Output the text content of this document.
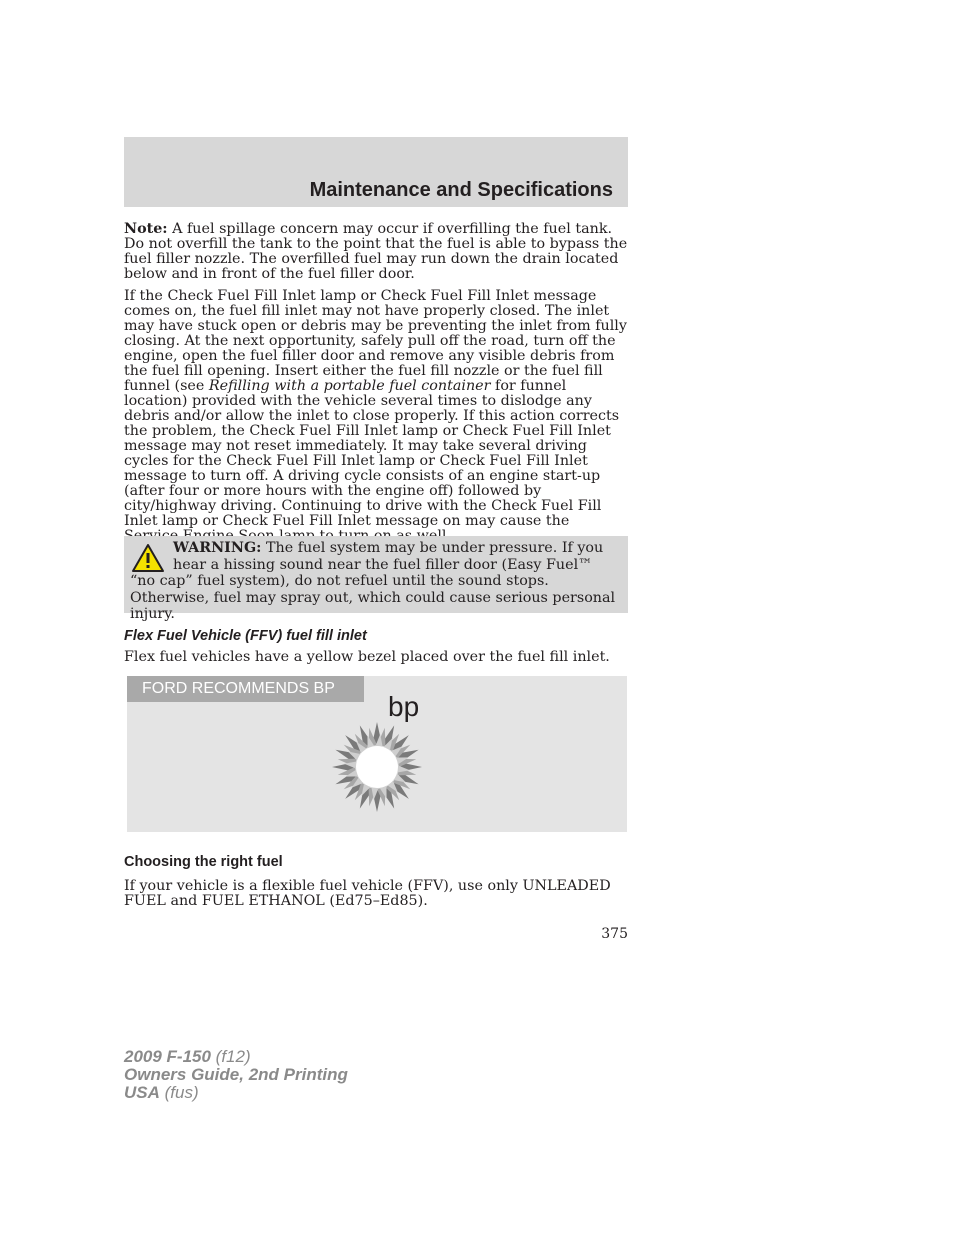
Maintenance and Specifications
Note: A fuel spillage concern may occur if overfilling the fuel tank. Do not overfill the tank to the point that the fuel is able to bypass the fuel filler nozzle. The overfilled fuel may run down the drain located below and in front of the fuel filler door.
If the Check Fuel Fill Inlet lamp or Check Fuel Fill Inlet message comes on, the fuel fill inlet may not have properly closed. The inlet may have stuck open or debris may be preventing the inlet from fully closing. At the next opportunity, safely pull off the road, turn off the engine, open the fuel filler door and remove any visible debris from the fuel fill opening. Insert either the fuel fill nozzle or the fuel fill funnel (see Refilling with a portable fuel container for funnel location) provided with the vehicle several times to dislodge any debris and/or allow the inlet to close properly. If this action corrects the problem, the Check Fuel Fill Inlet lamp or Check Fuel Fill Inlet message may not reset immediately. It may take several driving cycles for the Check Fuel Fill Inlet lamp or Check Fuel Fill Inlet message to turn off. A driving cycle consists of an engine start-up (after four or more hours with the engine off) followed by city/highway driving. Continuing to drive with the Check Fuel Fill Inlet lamp or Check Fuel Fill Inlet message on may cause the
WARNING: The fuel system may be under pressure. If you hear a hissing sound near the fuel filler door (Easy Fuel™ “no cap” fuel system), do not refuel until the sound stops. Otherwise, fuel may spray out, which could cause serious personal injury.
Flex Fuel Vehicle (FFV) fuel fill inlet
Flex fuel vehicles have a yellow bezel placed over the fuel fill inlet.
FORD RECOMMENDS BP
bp
Choosing the right fuel
If your vehicle is a flexible fuel vehicle (FFV), use only UNLEADED FUEL and FUEL ETHANOL (Ed75–Ed85).
375
2009 F-150 (f12)
Owners Guide, 2nd Printing
USA (fus)
